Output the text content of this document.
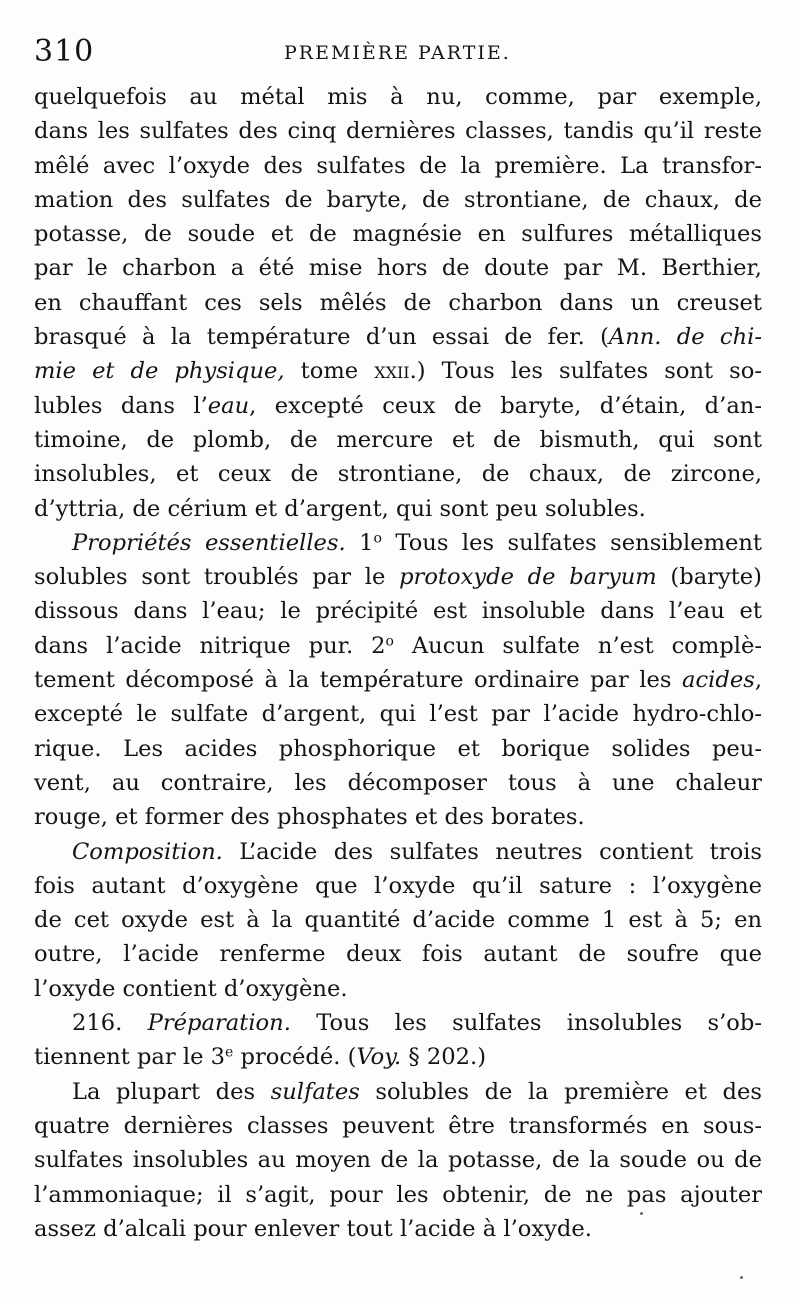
310	PREMIÈRE PARTIE.
quelquefois au métal mis à nu, comme, par exemple,
dans les sulfates des cinq dernières classes, tandis qu’il reste
mêlé avec l’oxyde des sulfates de la première. La transfor-
mation des sulfates de baryte, de strontiane, de chaux, de
potasse, de soude et de magnésie en sulfures métalliques
par le charbon a été mise hors de doute par M. Berthier,
en chauffant ces sels mêlés de charbon dans un creuset
brasqué à la température d’un essai de fer. (Ann. de chi-
mie et de physique, tome xxii.) Tous les sulfates sont so-
lubles dans l’eau, excepté ceux de baryte, d’étain, d’an-
timoine, de plomb, de mercure et de bismuth, qui sont
insolubles, et ceux de strontiane, de chaux, de zircone,
d’yttria, de cérium et d’argent, qui sont peu solubles.
Propriétés essentielles. 1$^o$ Tous les sulfates sensiblement
solubles sont troublés par le protoxyde de baryum (baryte)
dissous dans l’eau; le précipité est insoluble dans l’eau et
dans l’acide nitrique pur. 2$^o$ Aucun sulfate n’est complè-
tement décomposé à la température ordinaire par les acides,
excepté le sulfate d’argent, qui l’est par l’acide hydro-chlo-
rique. Les acides phosphorique et borique solides peu-
vent, au contraire, les décomposer tous à une chaleur
rouge, et former des phosphates et des borates.
Composition. L’acide des sulfates neutres contient trois
fois autant d’oxygène que l’oxyde qu’il sature : l’oxygène
de cet oxyde est à la quantité d’acide comme 1 est à 5; en
outre, l’acide renferme deux fois autant de soufre que
l’oxyde contient d’oxygène.
216. Préparation. Tous les sulfates insolubles s’ob-
tiennent par le 3e procédé. (Voy. § 202.)
La plupart des sulfates solubles de la première et des
quatre dernières classes peuvent être transformés en sous-
sulfates insolubles au moyen de la potasse, de la soude ou de
l’ammoniaque; il s’agit, pour les obtenir, de ne pas ajouter
assez d’alcali pour enlever tout l’acide à l’oxyde.
